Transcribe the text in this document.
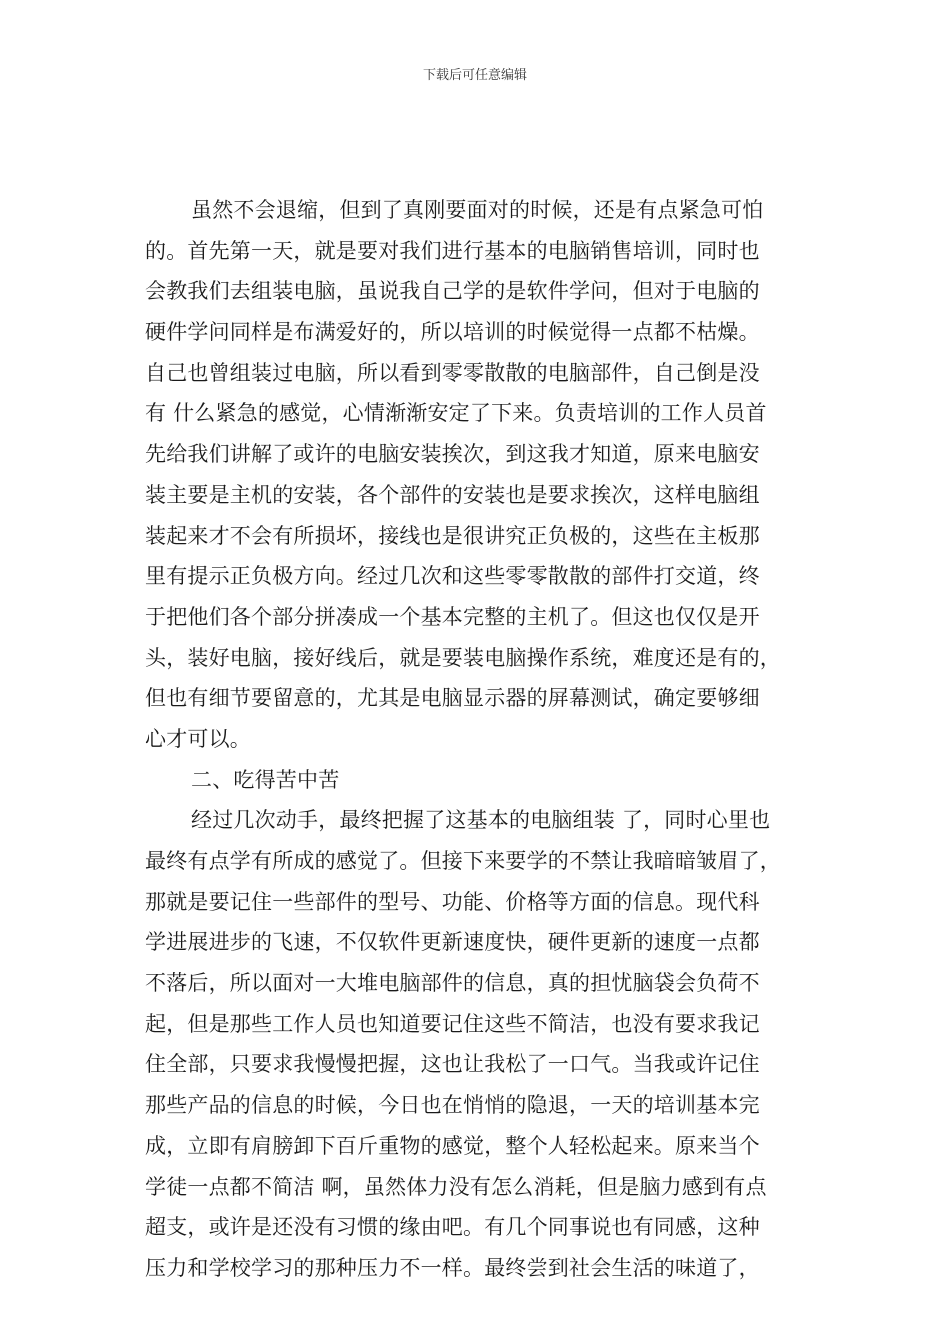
下载后可任意编辑
虽然不会退缩，但到了真刚要面对的时候，还是有点紧急可怕
的。首先第一天，就是要对我们进行基本的电脑销售培训，同时也
会教我们去组装电脑，虽说我自己学的是软件学问，但对于电脑的
硬件学问同样是布满爱好的，所以培训的时候觉得一点都不枯燥。
自己也曾组装过电脑，所以看到零零散散的电脑部件，自己倒是没
有 什么紧急的感觉，心情渐渐安定了下来。负责培训的工作人员首
先给我们讲解了或许的电脑安装挨次，到这我才知道，原来电脑安
装主要是主机的安装，各个部件的安装也是要求挨次，这样电脑组
装起来才不会有所损坏，接线也是很讲究正负极的，这些在主板那
里有提示正负极方向。经过几次和这些零零散散的部件打交道，终
于把他们各个部分拼凑成一个基本完整的主机了。但这也仅仅是开
头，装好电脑，接好线后，就是要装电脑操作系统，难度还是有的，
但也有细节要留意的，尤其是电脑显示器的屏幕测试，确定要够细
心才可以。
二、吃得苦中苦
经过几次动手，最终把握了这基本的电脑组装 了，同时心里也
最终有点学有所成的感觉了。但接下来要学的不禁让我暗暗皱眉了，
那就是要记住一些部件的型号、功能、价格等方面的信息。现代科
学进展进步的飞速，不仅软件更新速度快，硬件更新的速度一点都
不落后，所以面对一大堆电脑部件的信息，真的担忧脑袋会负荷不
起，但是那些工作人员也知道要记住这些不简洁，也没有要求我记
住全部，只要求我慢慢把握，这也让我松了一口气。当我或许记住
那些产品的信息的时候，今日也在悄悄的隐退，一天的培训基本完
成，立即有肩膀卸下百斤重物的感觉，整个人轻松起来。原来当个
学徒一点都不简洁 啊，虽然体力没有怎么消耗，但是脑力感到有点
超支，或许是还没有习惯的缘由吧。有几个同事说也有同感，这种
压力和学校学习的那种压力不一样。最终尝到社会生活的味道了，
